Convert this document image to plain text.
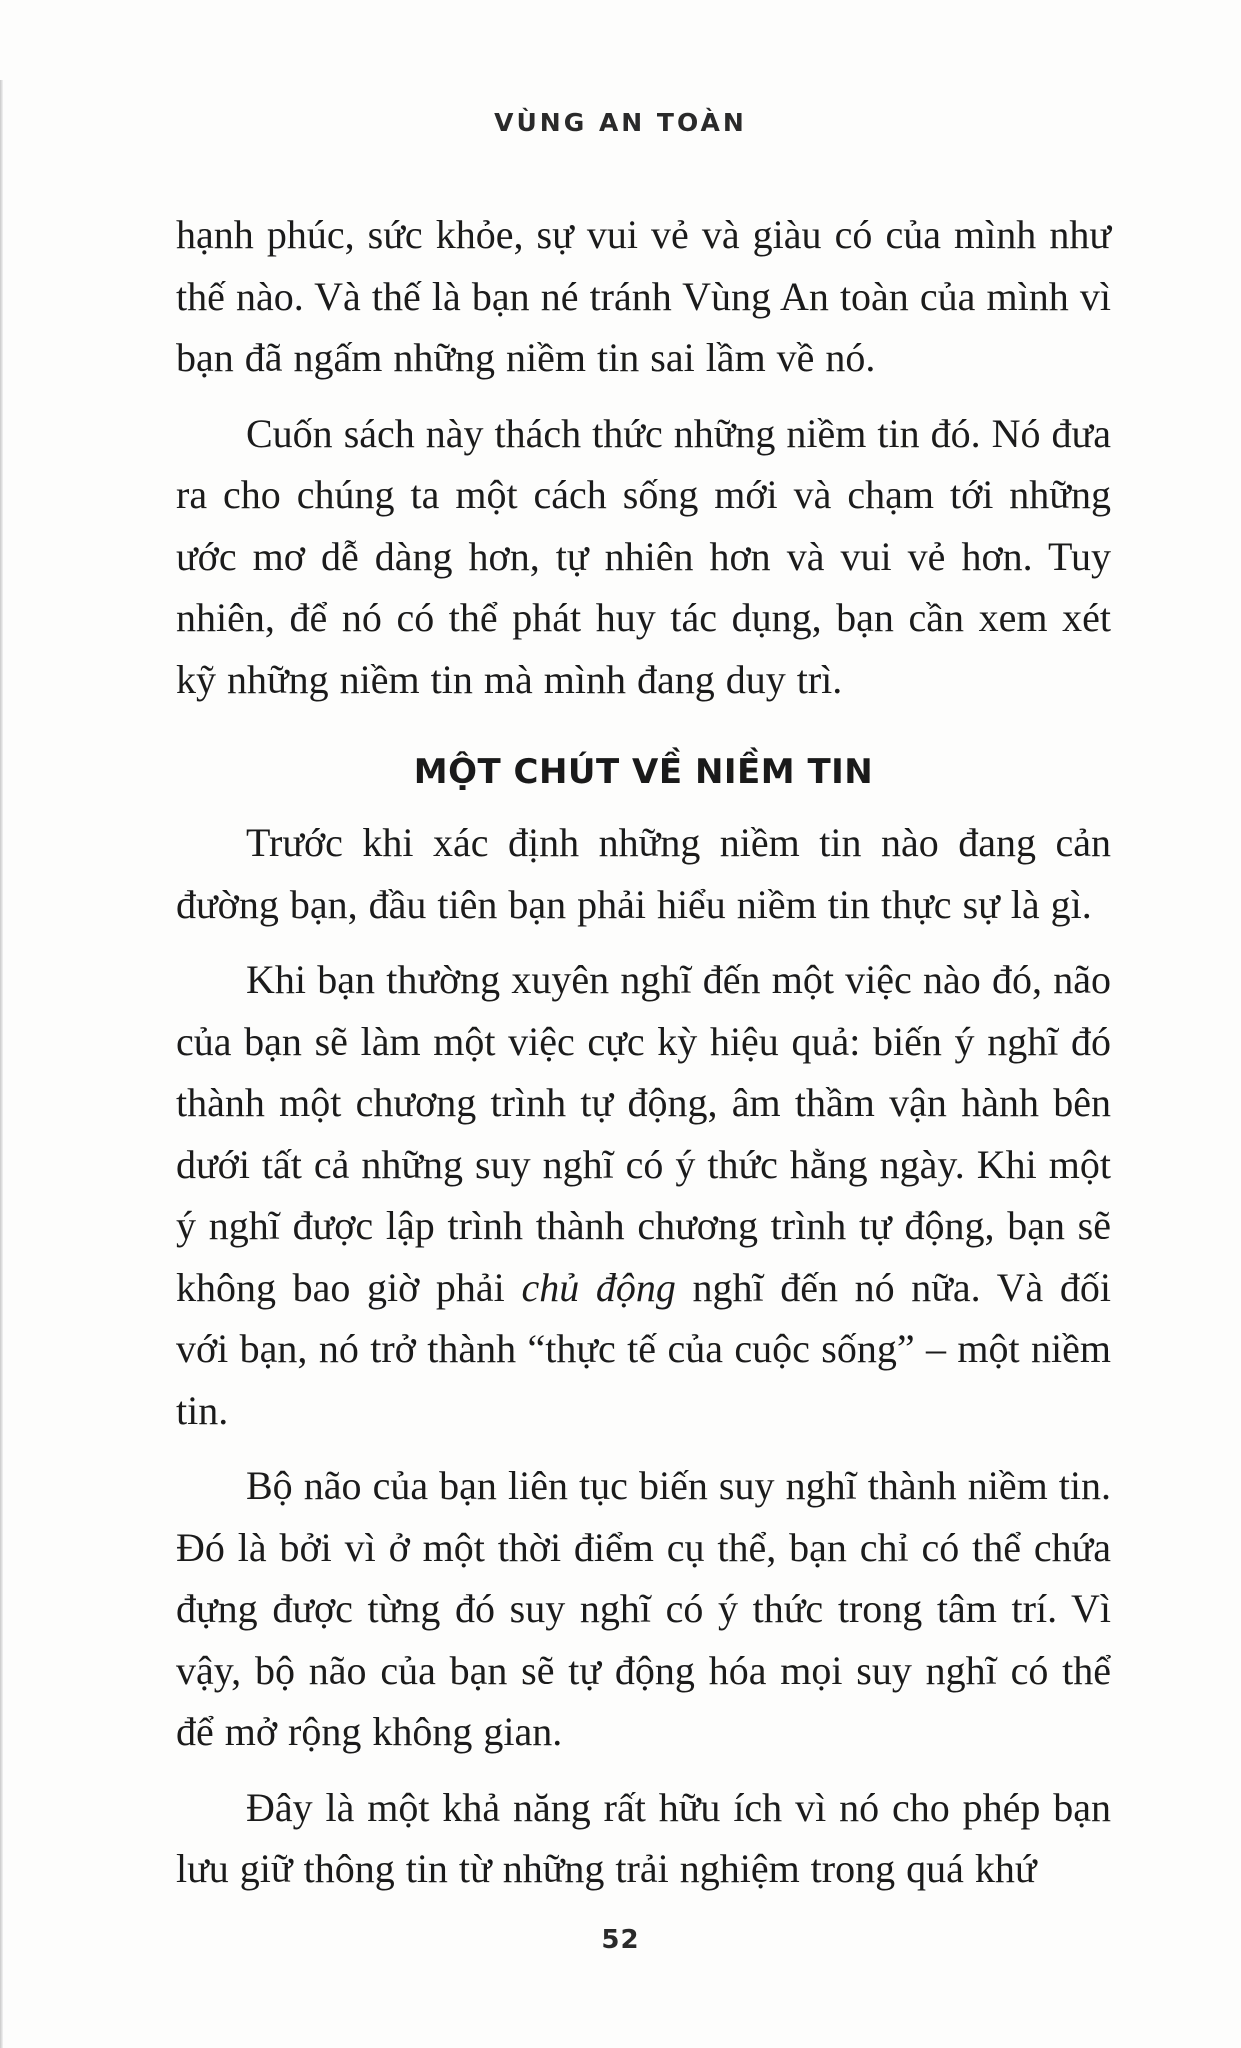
VÙNG AN TOÀN

hạnh phúc, sức khỏe, sự vui vẻ và giàu có của mình như thế nào. Và thế là bạn né tránh Vùng An toàn của mình vì bạn đã ngấm những niềm tin sai lầm về nó.

Cuốn sách này thách thức những niềm tin đó. Nó đưa ra cho chúng ta một cách sống mới và chạm tới những ước mơ dễ dàng hơn, tự nhiên hơn và vui vẻ hơn. Tuy nhiên, để nó có thể phát huy tác dụng, bạn cần xem xét kỹ những niềm tin mà mình đang duy trì.

MỘT CHÚT VỀ NIỀM TIN

Trước khi xác định những niềm tin nào đang cản đường bạn, đầu tiên bạn phải hiểu niềm tin thực sự là gì.

Khi bạn thường xuyên nghĩ đến một việc nào đó, não của bạn sẽ làm một việc cực kỳ hiệu quả: biến ý nghĩ đó thành một chương trình tự động, âm thầm vận hành bên dưới tất cả những suy nghĩ có ý thức hằng ngày. Khi một ý nghĩ được lập trình thành chương trình tự động, bạn sẽ không bao giờ phải chủ động nghĩ đến nó nữa. Và đối với bạn, nó trở thành “thực tế của cuộc sống” – một niềm tin.

Bộ não của bạn liên tục biến suy nghĩ thành niềm tin. Đó là bởi vì ở một thời điểm cụ thể, bạn chỉ có thể chứa đựng được từng đó suy nghĩ có ý thức trong tâm trí. Vì vậy, bộ não của bạn sẽ tự động hóa mọi suy nghĩ có thể để mở rộng không gian.

Đây là một khả năng rất hữu ích vì nó cho phép bạn lưu giữ thông tin từ những trải nghiệm trong quá khứ

52
